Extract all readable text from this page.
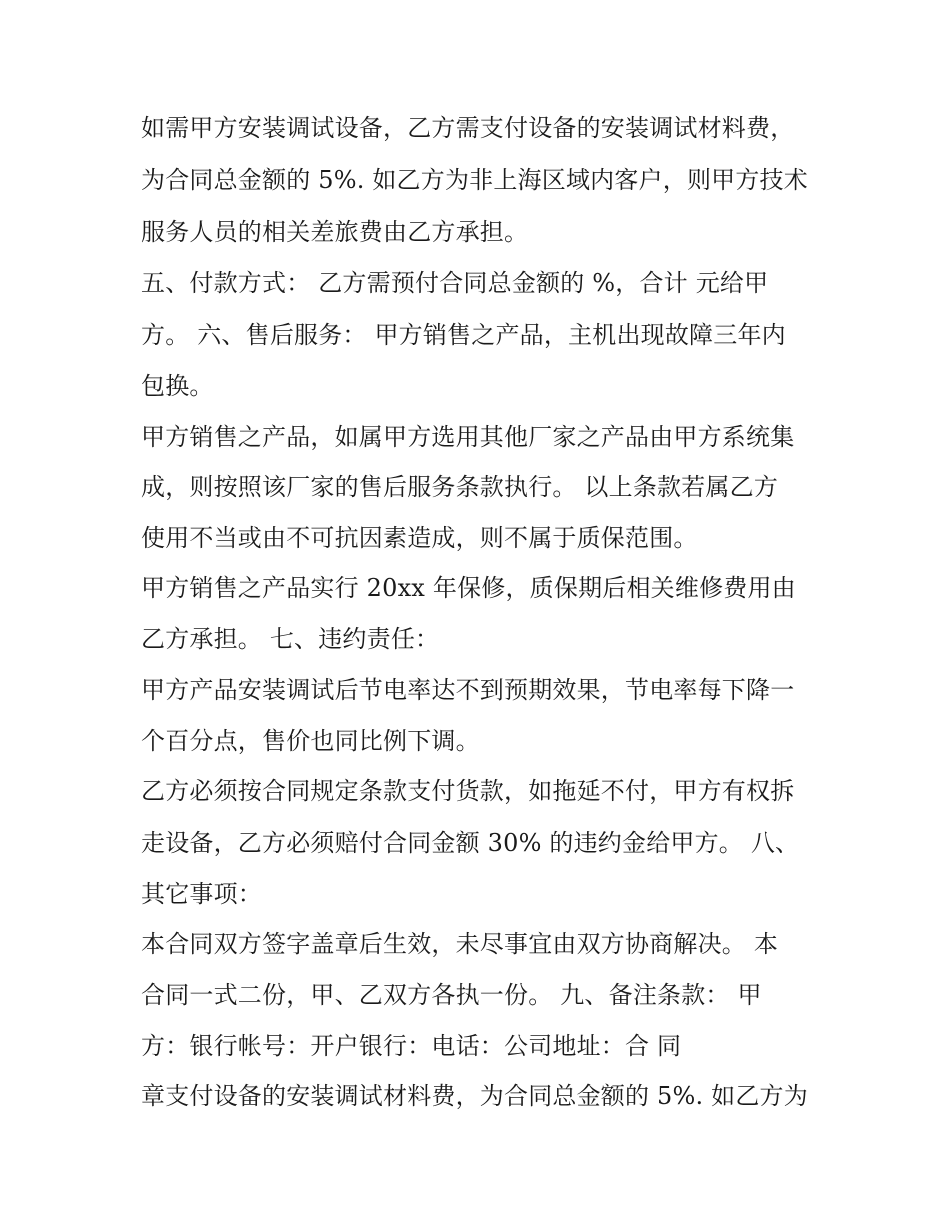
如需甲方安装调试设备，乙方需支付设备的安装调试材料费，
为合同总金额的 5%. 如乙方为非上海区域内客户，则甲方技术
服务人员的相关差旅费由乙方承担。
五、付款方式： 乙方需预付合同总金额的 %，合计 元给甲
方。 六、售后服务： 甲方销售之产品，主机出现故障三年内
包换。
甲方销售之产品，如属甲方选用其他厂家之产品由甲方系统集
成，则按照该厂家的售后服务条款执行。 以上条款若属乙方
使用不当或由不可抗因素造成，则不属于质保范围。
甲方销售之产品实行 20xx 年保修，质保期后相关维修费用由
乙方承担。 七、违约责任：
甲方产品安装调试后节电率达不到预期效果，节电率每下降一
个百分点，售价也同比例下调。
乙方必须按合同规定条款支付货款，如拖延不付，甲方有权拆
走设备，乙方必须赔付合同金额 30% 的违约金给甲方。 八、
其它事项：
本合同双方签字盖章后生效，未尽事宜由双方协商解决。 本
合同一式二份，甲、乙双方各执一份。 九、备注条款： 甲
方：银行帐号：开户银行：电话：公司地址：合 同
章支付设备的安装调试材料费，为合同总金额的 5%. 如乙方为
